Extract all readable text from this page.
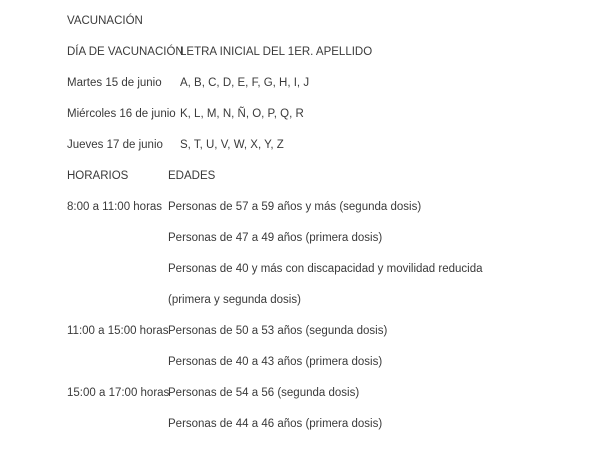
VACUNACIÓN
DÍA DE VACUNACIÓN
LETRA INICIAL DEL 1ER. APELLIDO
Martes 15 de junio A, B, C, D, E, F, G, H, I, J
Miércoles 16 de junio K, L, M, N, Ñ, O, P, Q, R
Jueves 17 de junio S, T, U, V, W, X, Y, Z
HORARIOS	EDADES
8:00 a 11:00 horas Personas de 57 a 59 años y más (segunda dosis)
Personas de 47 a 49 años (primera dosis)
Personas de 40 y más con discapacidad y movilidad reducida
(primera y segunda dosis)
11:00 a 15:00 horas Personas de 50 a 53 años (segunda dosis)
Personas de 40 a 43 años (primera dosis)
15:00 a 17:00 horas
Personas de 54 a 56 (segunda dosis)
Personas de 44 a 46 años (primera dosis)
